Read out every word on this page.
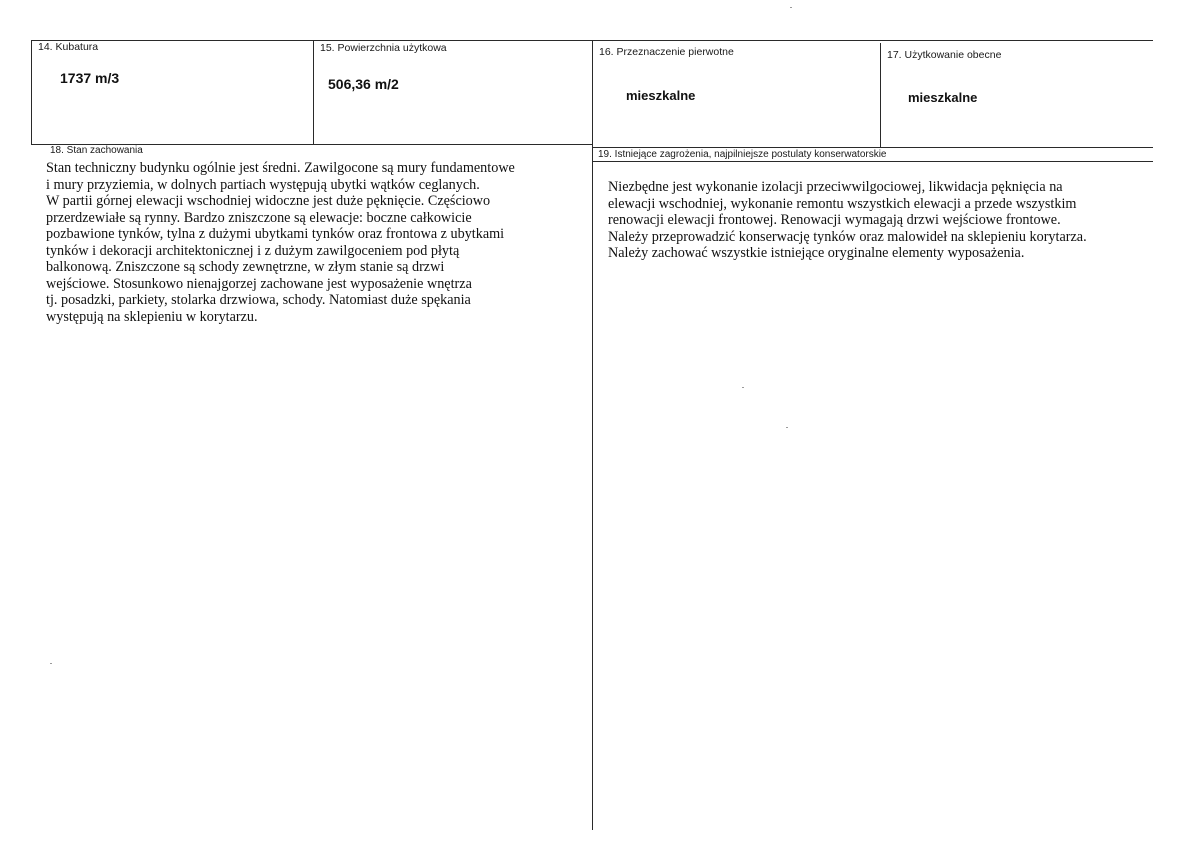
14. Kubatura
1737 m/3
15. Powierzchnia użytkowa
506,36 m/2
16. Przeznaczenie pierwotne
mieszkalne
17. Użytkowanie obecne
mieszkalne
18. Stan zachowania
Stan techniczny budynku ogólnie jest średni. Zawilgocone są mury fundamentowe
i mury przyziemia, w dolnych partiach występują ubytki wątków ceglanych.
W partii górnej elewacji wschodniej widoczne jest duże pęknięcie. Częściowo
przerdzewiałe są rynny. Bardzo zniszczone są elewacje: boczne całkowicie
pozbawione tynków, tylna z dużymi ubytkami tynków oraz frontowa z ubytkami
tynków i dekoracji architektonicznej i z dużym zawilgoceniem pod płytą
balkonową. Zniszczone są schody zewnętrzne, w złym stanie są drzwi
wejściowe. Stosunkowo nienajgorzej zachowane jest wyposażenie wnętrza
tj. posadzki, parkiety, stolarka drzwiowa, schody. Natomiast duże spękania
występują na sklepieniu w korytarzu.
19. Istniejące zagrożenia, najpilniejsze postulaty konserwatorskie
Niezbędne jest wykonanie izolacji przeciwwilgociowej, likwidacja pęknięcia na
elewacji wschodniej, wykonanie remontu wszystkich elewacji a przede wszystkim
renowacji elewacji frontowej. Renowacji wymagają drzwi wejściowe frontowe.
Należy przeprowadzić konserwację tynków oraz malowideł na sklepieniu korytarza.
Należy zachować wszystkie istniejące oryginalne elementy wyposażenia.
